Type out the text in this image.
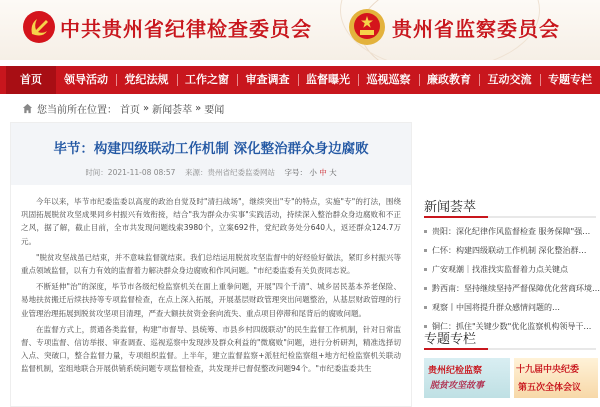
中共贵州省纪律检查委员会	贵州省监察委员会
首页	领导活动	党纪法规	工作之窗	审查调查	监督曝光	巡视巡察	廉政教育	互动交流	专题专栏
您当前所在位置： 首页 » 新闻荟萃 » 要闻
毕节：构建四级联动工作机制 深化整治群众身边腐败
时间：2021-11-08 08:57 来源：贵州省纪委监委网站 字号： 小 中 大

今年以来，毕节市纪委监委以高度的政治自觉及时"清扫战场"，继续突出"专"的特点，实施"专"的打法，围绕巩固拓展脱贫攻坚成果同乡村振兴有效衔接，结合"我为群众办实事"实践活动，持续深入整治群众身边腐败和不正之风，据了解，截止目前，全市共发现问题线索3980个，立案692件，党纪政务处分640人，返还群众124.7万元。

"脱贫攻坚战虽已结束，并不意味监督就结束。我们总结运用脱贫攻坚监督中的好经验好做法，紧盯乡村振兴等重点领域监督，以有力有效的监督着力解决群众身边腐败和作风问题。"市纪委监委有关负责同志说。

不断延伸"治"的深度，毕节市各级纪检监察机关在面上重拳问题，开展"四个千清"、城乡居民基本养老保险、易地扶贫搬迁后续扶持等专项监督检查，在点上深入拓展，开展基层财政管理突出问题整治，从基层财政管理的行业管理治理拓展到脱贫攻坚项目清理，严查大额扶贫资金套向流失、重点项目停滞和尾背后的腐败问题。

在监督方式上，贯通各类监督，构建"市督导、县统筹、市县乡村四级联动"的民生监督工作机制，针对日常监督、专项监督、信访举报、审查调查、巡视巡察中发现涉及群众利益的"微腐败"问题，进行分析研判，精准选择切入点、突破口，整合监督力量，专项组织监督。上半年，建立监督监察+派驻纪检监察组+地方纪检监察机关联动监督机制，室组地联合开展供销系统问题专项监督检查，共发现并已督促整改问题94个。"市纪委监委共生

新闻荟萃
贵阳：深化纪律作风监督检查 服务保障"强…
仁怀：构建四级联动工作机制 深化整治群…
广安观潮｜找准找实监督着力点关键点
黔西南：坚持继续坚持严督保障优化营商环境…
观察丨中国将提升群众感情问题的…
铜仁：抓住"关键少数"优化监察机构领导干…
专题专栏
贵州纪检监察
脱贫攻坚故事
十九届中央纪委
第五次全体会议
